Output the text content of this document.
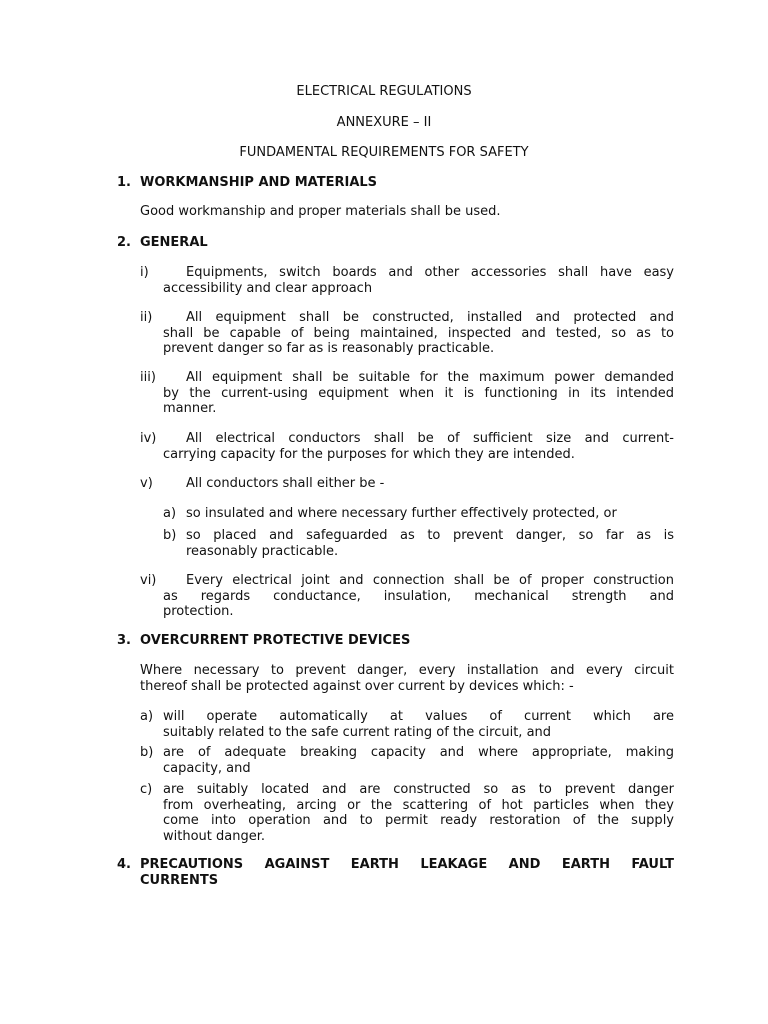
ELECTRICAL REGULATIONS

ANNEXURE – II

FUNDAMENTAL REQUIREMENTS FOR SAFETY

1. WORKMANSHIP AND MATERIALS

Good workmanship and proper materials shall be used.

2. GENERAL
i)	Equipments, switch boards and other accessories shall have easy
accessibility and clear approach
ii)	All equipment shall be constructed, installed and protected and
shall be capable of being maintained, inspected and tested, so as to
prevent danger so far as is reasonably practicable.
iii)	All equipment shall be suitable for the maximum power demanded
by the current-using equipment when it is functioning in its intended
manner.
iv)	All electrical conductors shall be of sufficient size and current-
carrying capacity for the purposes for which they are intended.
v)	All conductors shall either be -
a) so insulated and where necessary further effectively protected, or
b) so placed and safeguarded as to prevent danger, so far as is
reasonably practicable.
vi)	Every electrical joint and connection shall be of proper construction
as regards conductance, insulation, mechanical strength and
protection.
3. OVERCURRENT PROTECTIVE DEVICES
Where necessary to prevent danger, every installation and every circuit
thereof shall be protected against over current by devices which: -
a) will operate automatically at values of current which are
suitably related to the safe current rating of the circuit, and
b) are of adequate breaking capacity and where appropriate, making
capacity, and
c) are suitably located and are constructed so as to prevent danger
from overheating, arcing or the scattering of hot particles when they
come into operation and to permit ready restoration of the supply
without danger.
4. PRECAUTIONS AGAINST EARTH LEAKAGE AND EARTH FAULT
CURRENTS
